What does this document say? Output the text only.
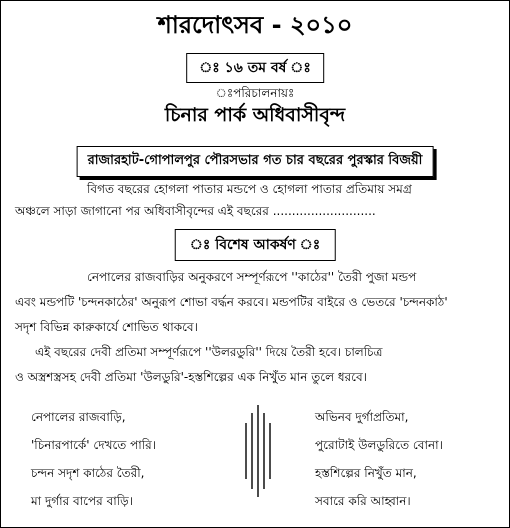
শারদোৎসব - ২০১০
ঃ ১৬ তম বর্ষ ঃ
ঃপরিচালনায়ঃ
চিনার পার্ক অধিবাসীবৃন্দ
রাজারহাট-গোপালপুর পৌরসভার গত চার বছরের পুরস্কার বিজয়ী

বিগত বছরের হোগলা পাতার মন্ডপে ও হোগলা পাতার প্রতিমায় সমগ্র

অঞ্চলে সাড়া জাগানো পর অধিবাসীবৃন্দের এই বছরের ...........................

ঃ বিশেষ আকর্ষণ ঃ

নেপালের রাজবাড়ির অনুকরণে সম্পূর্ণরূপে ''কাঠের'' তৈরী পুজা মন্ডপ

এবং মন্ডপটি 'চন্দনকাঠের' অনুরূপ শোভা বর্দ্ধন করবে। মন্ডপটির বাইরে ও ভেতরে 'চন্দনকাঠ'

সদৃশ বিভিন্ন কারুকার্যে শোভিত থাকবে।

এই বছরের দেবী প্রতিমা সম্পূর্ণরূপে ''উলরডুরি'' দিয়ে তৈরী হবে। চালচিত্র

ও অস্ত্রশস্ত্রসহ দেবী প্রতিমা 'উলডুরি'-হস্তশিল্পের এক নিখুঁত মান তুলে ধরবে।

নেপালের রাজবাড়ি,
'চিনারপার্কে' দেখতে পারি।
চন্দন সদৃশ কাঠের তৈরী,
মা দুর্গার বাপের বাড়ি।
অভিনব দুর্গাপ্রতিমা,
পুরোটাই উলডুরিতে বোনা।
হস্তশিল্পের নিখুঁত মান,
সবারে করি আহ্বান।
